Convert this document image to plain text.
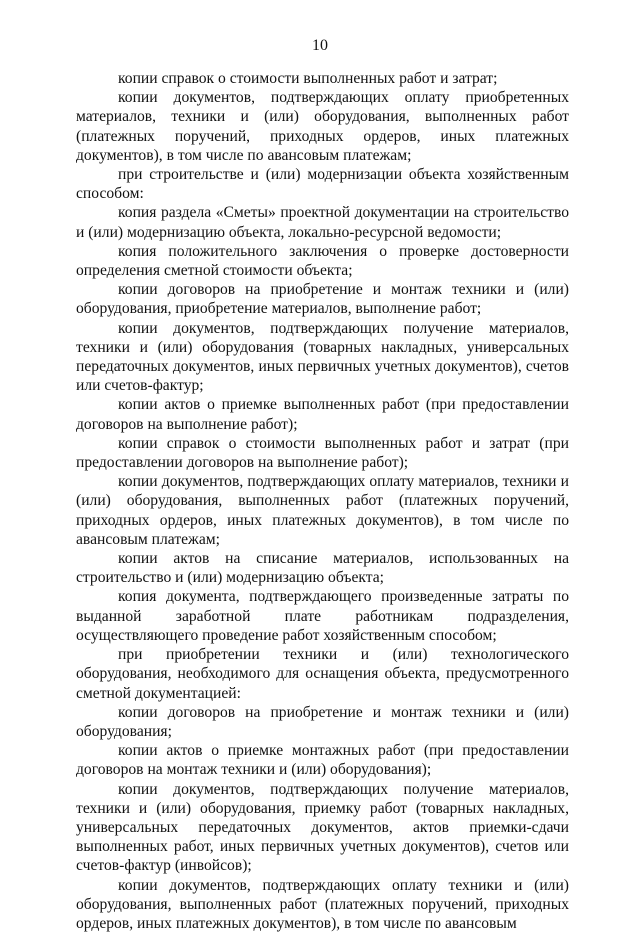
10

копии справок о стоимости выполненных работ и затрат;

копии документов, подтверждающих оплату приобретенных материалов, техники и (или) оборудования, выполненных работ (платежных поручений, приходных ордеров, иных платежных документов), в том числе по авансовым платежам;

при строительстве и (или) модернизации объекта хозяйственным способом:

копия раздела «Сметы» проектной документации на строительство и (или) модернизацию объекта, локально-ресурсной ведомости;

копия положительного заключения о проверке достоверности определения сметной стоимости объекта;

копии договоров на приобретение и монтаж техники и (или) оборудования, приобретение материалов, выполнение работ;

копии документов, подтверждающих получение материалов, техники и (или) оборудования (товарных накладных, универсальных передаточных документов, иных первичных учетных документов), счетов или счетов-фактур;

копии актов о приемке выполненных работ (при предоставлении договоров на выполнение работ);

копии справок о стоимости выполненных работ и затрат (при предоставлении договоров на выполнение работ);

копии документов, подтверждающих оплату материалов, техники и (или) оборудования, выполненных работ (платежных поручений, приходных ордеров, иных платежных документов), в том числе по авансовым платежам;

копии актов на списание материалов, использованных на строительство и (или) модернизацию объекта;

копия документа, подтверждающего произведенные затраты по выданной заработной плате работникам подразделения, осуществляющего проведение работ хозяйственным способом;

при приобретении техники и (или) технологического оборудования, необходимого для оснащения объекта, предусмотренного сметной документацией:

копии договоров на приобретение и монтаж техники и (или) оборудования;

копии актов о приемке монтажных работ (при предоставлении договоров на монтаж техники и (или) оборудования);

копии документов, подтверждающих получение материалов, техники и (или) оборудования, приемку работ (товарных накладных, универсальных передаточных документов, актов приемки-сдачи выполненных работ, иных первичных учетных документов), счетов или счетов-фактур (инвойсов);

копии документов, подтверждающих оплату техники и (или) оборудования, выполненных работ (платежных поручений, приходных ордеров, иных платежных документов), в том числе по авансовым
